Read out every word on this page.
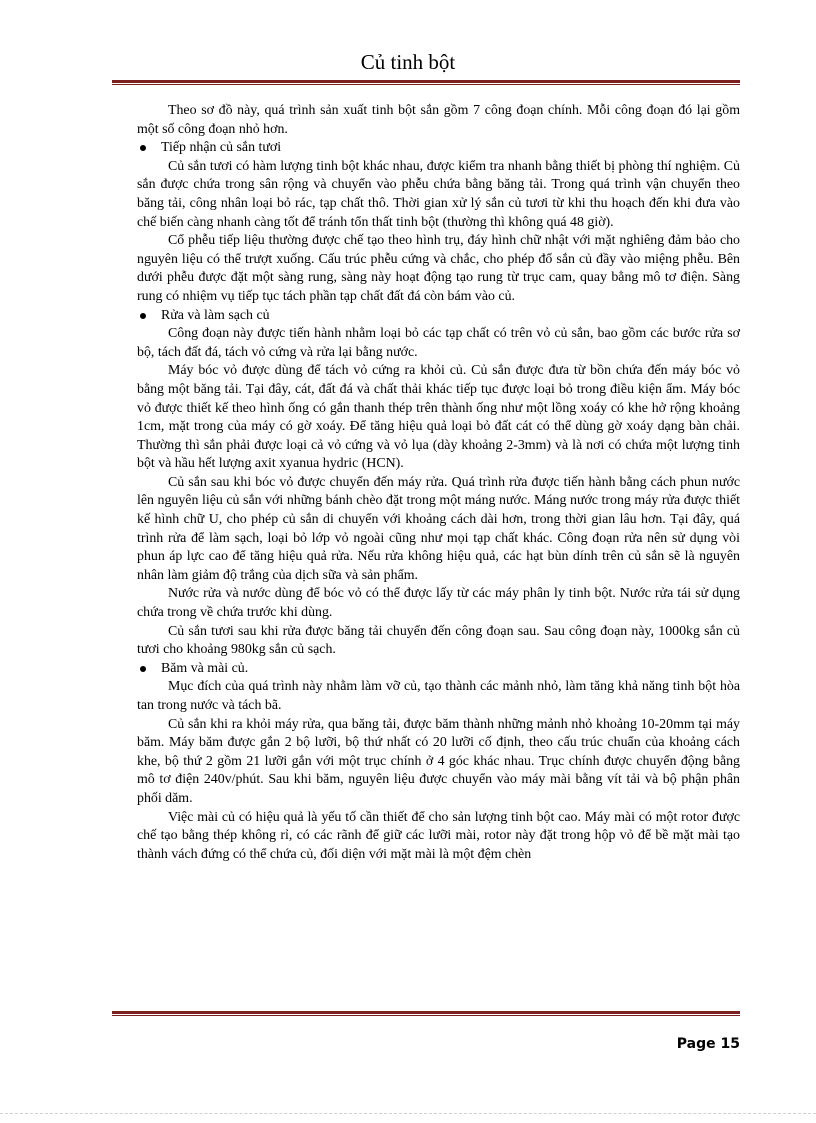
Củ tinh bột

Theo sơ đồ này, quá trình sản xuất tinh bột sắn gồm 7 công đoạn chính. Mỗi công đoạn đó lại gồm một số công đoạn nhỏ hơn.

Tiếp nhận củ sắn tươi

Củ sắn tươi có hàm lượng tinh bột khác nhau, được kiểm tra nhanh bằng thiết bị phòng thí nghiệm. Củ sắn được chứa trong sân rộng và chuyển vào phễu chứa bằng băng tải. Trong quá trình vận chuyển theo băng tải, công nhân loại bỏ rác, tạp chất thô. Thời gian xử lý sắn củ tươi từ khi thu hoạch đến khi đưa vào chế biến càng nhanh càng tốt để tránh tổn thất tinh bột (thường thì không quá 48 giờ).

Cổ phễu tiếp liệu thường được chế tạo theo hình trụ, đáy hình chữ nhật với mặt nghiêng đảm bảo cho nguyên liệu có thể trượt xuống. Cấu trúc phễu cứng và chắc, cho phép đổ sắn củ đầy vào miệng phễu. Bên dưới phễu được đặt một sàng rung, sàng này hoạt động tạo rung từ trục cam, quay bằng mô tơ điện. Sàng rung có nhiệm vụ tiếp tục tách phần tạp chất đất đá còn bám vào củ.

Rửa và làm sạch củ

Công đoạn này được tiến hành nhằm loại bỏ các tạp chất có trên vỏ củ sắn, bao gồm các bước rửa sơ bộ, tách đất đá, tách vỏ cứng và rửa lại bằng nước.

Máy bóc vỏ được dùng để tách vỏ cứng ra khỏi củ. Củ sắn được đưa từ bồn chứa đến máy bóc vỏ bằng một băng tải. Tại đây, cát, đất đá và chất thải khác tiếp tục được loại bỏ trong điều kiện ẩm. Máy bóc vỏ được thiết kế theo hình ống có gắn thanh thép trên thành ống như một lồng xoáy có khe hở rộng khoảng 1cm, mặt trong của máy có gờ xoáy. Để tăng hiệu quả loại bỏ đất cát có thể dùng gờ xoáy dạng bàn chải. Thường thì sắn phải được loại cả vỏ cứng và vỏ lụa (dày khoảng 2-3mm) và là nơi có chứa một lượng tinh bột và hầu hết lượng axit xyanua hydric (HCN).

Củ sắn sau khi bóc vỏ được chuyển đến máy rửa. Quá trình rửa được tiến hành bằng cách phun nước lên nguyên liệu củ sắn với những bánh chèo đặt trong một máng nước. Máng nước trong máy rửa được thiết kế hình chữ U, cho phép củ sắn di chuyển với khoảng cách dài hơn, trong thời gian lâu hơn. Tại đây, quá trình rửa để làm sạch, loại bỏ lớp vỏ ngoài cũng như mọi tạp chất khác. Công đoạn rửa nên sử dụng vòi phun áp lực cao để tăng hiệu quả rửa. Nếu rửa không hiệu quả, các hạt bùn dính trên củ sắn sẽ là nguyên nhân làm giảm độ trắng của dịch sữa và sản phẩm.

Nước rửa và nước dùng để bóc vỏ có thể được lấy từ các máy phân ly tinh bột. Nước rửa tái sử dụng chứa trong về chứa trước khi dùng.

Củ sắn tươi sau khi rửa được băng tải chuyển đến công đoạn sau. Sau công đoạn này, 1000kg sắn củ tươi cho khoảng 980kg sắn củ sạch.

Băm và mài củ.

Mục đích của quá trình này nhằm làm vỡ củ, tạo thành các mảnh nhỏ, làm tăng khả năng tinh bột hòa tan trong nước và tách bã.

Củ sắn khi ra khỏi máy rửa, qua băng tải, được băm thành những mảnh nhỏ khoảng 10-20mm tại máy băm. Máy băm được gắn 2 bộ lưỡi, bộ thứ nhất có 20 lưỡi cố định, theo cấu trúc chuẩn của khoảng cách khe, bộ thứ 2 gồm 21 lưỡi gắn với một trục chính ở 4 góc khác nhau. Trục chính được chuyển động bằng mô tơ điện 240v/phút. Sau khi băm, nguyên liệu được chuyển vào máy mài bằng vít tải và bộ phận phân phối dăm.

Việc mài củ có hiệu quả là yếu tố cần thiết để cho sản lượng tinh bột cao. Máy mài có một rotor được chế tạo bằng thép không rỉ, có các rãnh để giữ các lưỡi mài, rotor này đặt trong hộp vỏ để bề mặt mài tạo thành vách đứng có thể chứa củ, đối diện với mặt mài là một đệm chèn

Page 15
